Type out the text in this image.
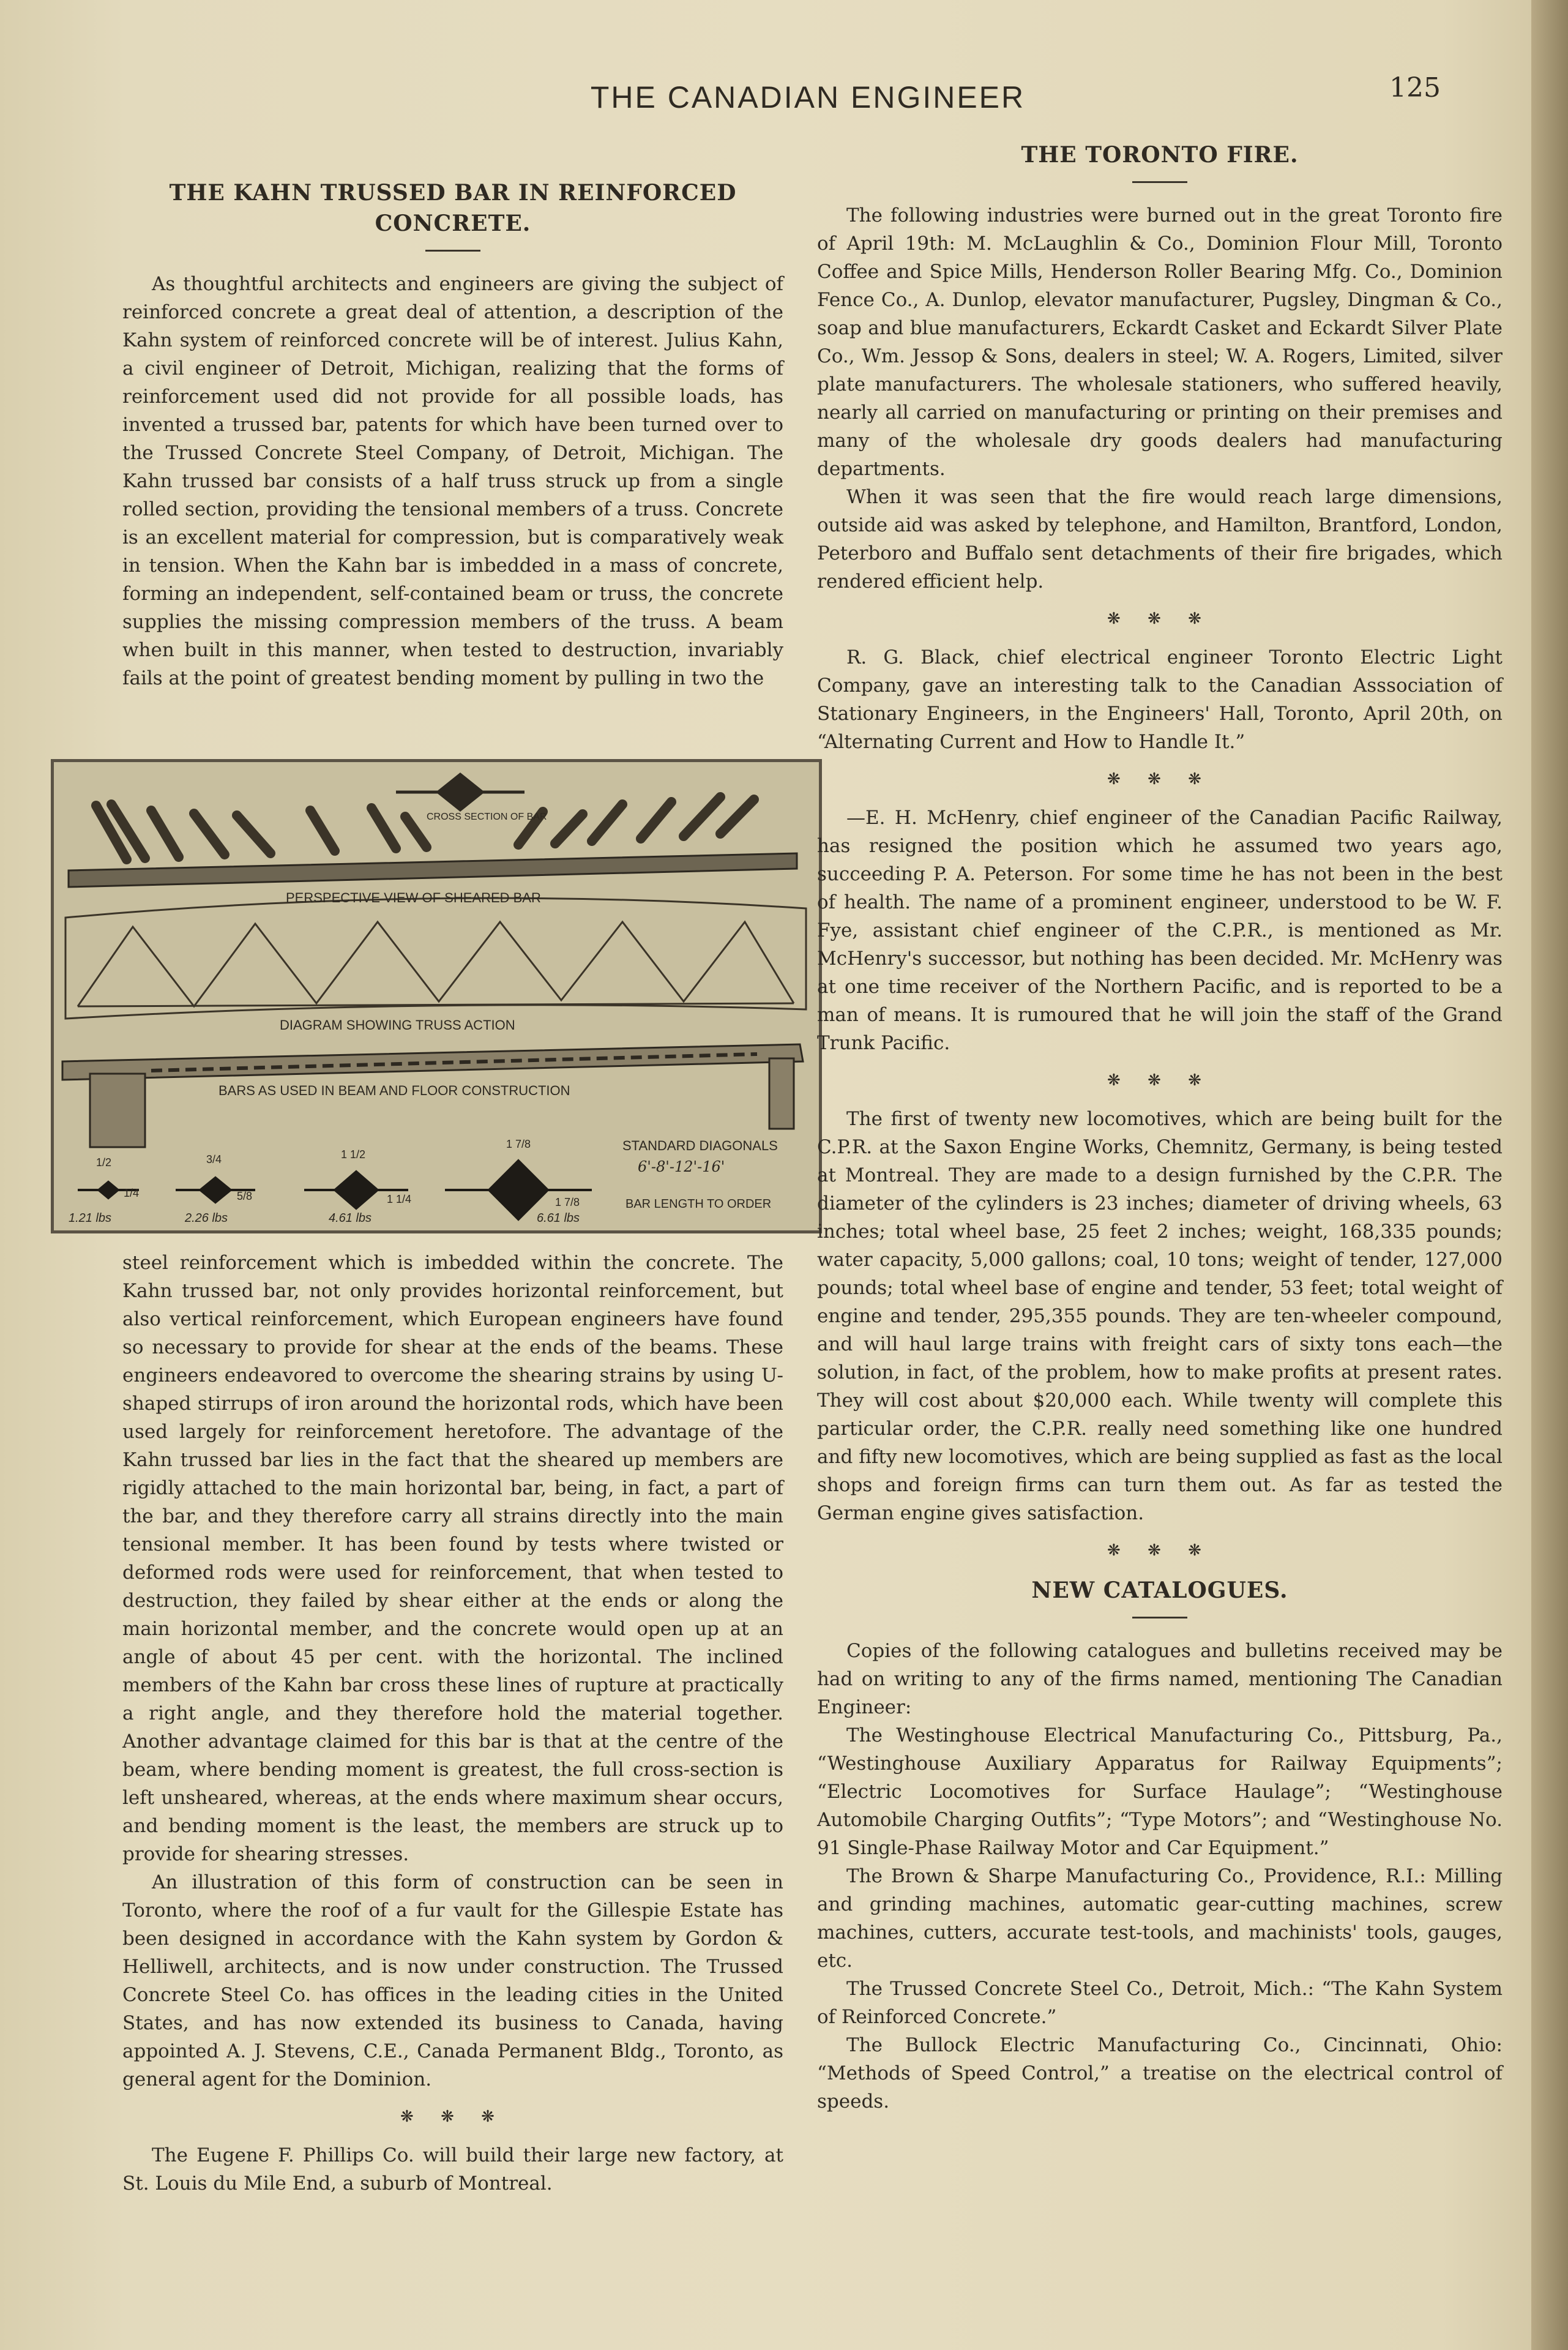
THE CANADIAN ENGINEER	125
THE KAHN TRUSSED BAR IN REINFORCED CONCRETE.

As thoughtful architects and engineers are giving the subject of reinforced concrete a great deal of attention, a description of the Kahn system of reinforced concrete will be of interest. Julius Kahn, a civil engineer of Detroit, Michigan, realizing that the forms of reinforcement used did not provide for all possible loads, has invented a trussed bar, patents for which have been turned over to the Trussed Concrete Steel Company, of Detroit, Michigan. The Kahn trussed bar consists of a half truss struck up from a single rolled section, providing the tensional members of a truss. Concrete is an excellent material for compression, but is comparatively weak in tension. When the Kahn bar is imbedded in a mass of concrete, forming an independent, self-contained beam or truss, the concrete supplies the missing compression members of the truss. A beam when built in this manner, when tested to destruction, invariably fails at the point of greatest bending moment by pulling in two the

CROSS SECTION OF BAR
PERSPECTIVE VIEW OF SHEARED BAR
DIAGRAM SHOWING TRUSS ACTION
BARS AS USED IN BEAM AND FLOOR CONSTRUCTION
STANDARD DIAGONALS
6'-8'-12'-16'
BAR LENGTH TO ORDER
1.21 lbs	2.26 lbs	4.61 lbs	6.61 lbs
1/2	3/4	1 1/2
1 7/8
1/4	5/8	1 1/4	1 7/8

steel reinforcement which is imbedded within the concrete. The Kahn trussed bar, not only provides horizontal reinforcement, but also vertical reinforcement, which European engineers have found so necessary to provide for shear at the ends of the beams. These engineers endeavored to overcome the shearing strains by using U-shaped stirrups of iron around the horizontal rods, which have been used largely for reinforcement heretofore. The advantage of the Kahn trussed bar lies in the fact that the sheared up members are rigidly attached to the main horizontal bar, being, in fact, a part of the bar, and they therefore carry all strains directly into the main tensional member. It has been found by tests where twisted or deformed rods were used for reinforcement, that when tested to destruction, they failed by shear either at the ends or along the main horizontal member, and the concrete would open up at an angle of about 45 per cent. with the horizontal. The inclined members of the Kahn bar cross these lines of rupture at practically a right angle, and they therefore hold the material together. Another advantage claimed for this bar is that at the centre of the beam, where bending moment is greatest, the full cross-section is left unsheared, whereas, at the ends where maximum shear occurs, and bending moment is the least, the members are struck up to provide for shearing stresses.

An illustration of this form of construction can be seen in Toronto, where the roof of a fur vault for the Gillespie Estate has been designed in accordance with the Kahn system by Gordon & Helliwell, architects, and is now under construction. The Trussed Concrete Steel Co. has offices in the leading cities in the United States, and has now extended its business to Canada, having appointed A. J. Stevens, C.E., Canada Permanent Bldg., Toronto, as general agent for the Dominion.

❋ ❋ ❋

The Eugene F. Phillips Co. will build their large new factory, at St. Louis du Mile End, a suburb of Montreal.

THE TORONTO FIRE.

The following industries were burned out in the great Toronto fire of April 19th: M. McLaughlin & Co., Dominion Flour Mill, Toronto Coffee and Spice Mills, Henderson Roller Bearing Mfg. Co., Dominion Fence Co., A. Dunlop, elevator manufacturer, Pugsley, Dingman & Co., soap and blue manufacturers, Eckardt Casket and Eckardt Silver Plate Co., Wm. Jessop & Sons, dealers in steel; W. A. Rogers, Limited, silver plate manufacturers. The wholesale stationers, who suffered heavily, nearly all carried on manufacturing or printing on their premises and many of the wholesale dry goods dealers had manufacturing departments.

When it was seen that the fire would reach large dimensions, outside aid was asked by telephone, and Hamilton, Brantford, London, Peterboro and Buffalo sent detachments of their fire brigades, which rendered efficient help.

❋ ❋ ❋

R. G. Black, chief electrical engineer Toronto Electric Light Company, gave an interesting talk to the Canadian Asssociation of Stationary Engineers, in the Engineers' Hall, Toronto, April 20th, on “Alternating Current and How to Handle It.”

❋ ❋ ❋

—E. H. McHenry, chief engineer of the Canadian Pacific Railway, has resigned the position which he assumed two years ago, succeeding P. A. Peterson. For some time he has not been in the best of health. The name of a prominent engineer, understood to be W. F. Fye, assistant chief engineer of the C.P.R., is mentioned as Mr. McHenry's successor, but nothing has been decided. Mr. McHenry was at one time receiver of the Northern Pacific, and is reported to be a man of means. It is rumoured that he will join the staff of the Grand Trunk Pacific.

❋ ❋ ❋

The first of twenty new locomotives, which are being built for the C.P.R. at the Saxon Engine Works, Chemnitz, Germany, is being tested at Montreal. They are made to a design furnished by the C.P.R. The diameter of the cylinders is 23 inches; diameter of driving wheels, 63 inches; total wheel base, 25 feet 2 inches; weight, 168,335 pounds; water capacity, 5,000 gallons; coal, 10 tons; weight of tender, 127,000 pounds; total wheel base of engine and tender, 53 feet; total weight of engine and tender, 295,355 pounds. They are ten-wheeler compound, and will haul large trains with freight cars of sixty tons each—the solution, in fact, of the problem, how to make profits at present rates. They will cost about $20,000 each. While twenty will complete this particular order, the C.P.R. really need something like one hundred and fifty new locomotives, which are being supplied as fast as the local shops and foreign firms can turn them out. As far as tested the German engine gives satisfaction.

❋ ❋ ❋
NEW CATALOGUES.

Copies of the following catalogues and bulletins received may be had on writing to any of the firms named, mentioning The Canadian Engineer:

The Westinghouse Electrical Manufacturing Co., Pittsburg, Pa., “Westinghouse Auxiliary Apparatus for Railway Equipments”; “Electric Locomotives for Surface Haulage”; “Westinghouse Automobile Charging Outfits”; “Type Motors”; and “Westinghouse No. 91 Single-Phase Railway Motor and Car Equipment.”

The Brown & Sharpe Manufacturing Co., Providence, R.I.: Milling and grinding machines, automatic gear-cutting machines, screw machines, cutters, accurate test-tools, and machinists' tools, gauges, etc.

The Trussed Concrete Steel Co., Detroit, Mich.: “The Kahn System of Reinforced Concrete.”

The Bullock Electric Manufacturing Co., Cincinnati, Ohio: “Methods of Speed Control,” a treatise on the electrical control of speeds.
